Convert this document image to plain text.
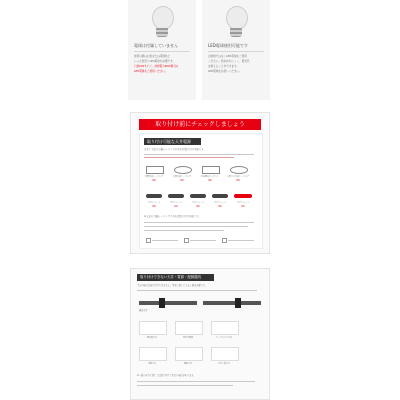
電球は付属していません
使用の際は白色または電球色と
いった別売りLED電球が必要です。
口金E26サイズ、消費電力60W相当の
LED電球をご使用ください。
LED電球使用可能です
白熱球ではなくLED電球をご使用
ください。熱を持ちにくく、電気代
を抑えることができます。
LED電球をお使いください。
取り付け前にチェックしましょう
取り付け可能な天井電源
天井に下記の引掛シーリングがあれば取り付け可能です。
角型引掛シーリング	丸型引掛シーリング	引掛埋込ローゼット	丸型フル引掛シーリング
OK	OK	OK	OK
ダクトレール	ダクトレール	ダクトレール	ダクトレール	ダクトレール
OK	OK	OK	OK	OK
※上記の引掛シーリングであれば取り付け可能です。
取り付けできない天井・電源・配線器具
下記の場合は取り付けできません。電気工事士による工事が必要です。
傾斜天井
埋込型天井	直付け配線	ワークライン天井
化粧天井	傾斜天井	ボタン型天井
※一部の天井に関しては取り付けできない場合があります。
